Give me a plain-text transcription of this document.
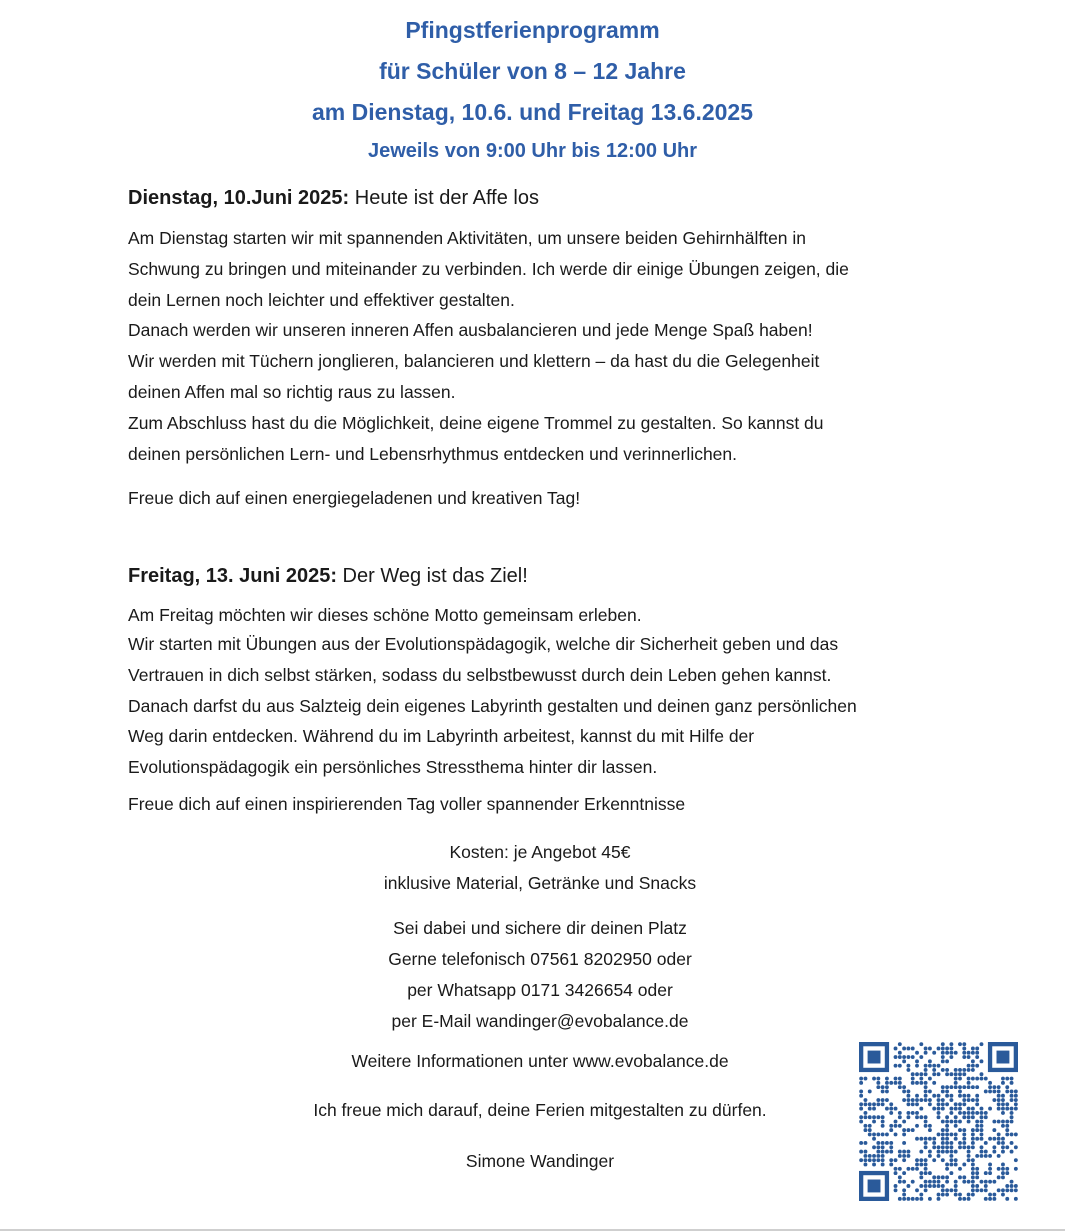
Pfingstferienprogramm
für Schüler von 8 – 12 Jahre
am Dienstag, 10.6. und Freitag 13.6.2025
Jeweils von 9:00 Uhr bis 12:00 Uhr
Dienstag, 10.Juni 2025: Heute ist der Affe los

Am Dienstag starten wir mit spannenden Aktivitäten, um unsere beiden Gehirnhälften in

Schwung zu bringen und miteinander zu verbinden. Ich werde dir einige Übungen zeigen, die

dein Lernen noch leichter und effektiver gestalten.

Danach werden wir unseren inneren Affen ausbalancieren und jede Menge Spaß haben!

Wir werden mit Tüchern jonglieren, balancieren und klettern – da hast du die Gelegenheit

deinen Affen mal so richtig raus zu lassen.

Zum Abschluss hast du die Möglichkeit, deine eigene Trommel zu gestalten. So kannst du

deinen persönlichen Lern- und Lebensrhythmus entdecken und verinnerlichen.

Freue dich auf einen energiegeladenen und kreativen Tag!
Freitag, 13. Juni 2025: Der Weg ist das Ziel!

Am Freitag möchten wir dieses schöne Motto gemeinsam erleben.

Wir starten mit Übungen aus der Evolutionspädagogik, welche dir Sicherheit geben und das

Vertrauen in dich selbst stärken, sodass du selbstbewusst durch dein Leben gehen kannst.

Danach darfst du aus Salzteig dein eigenes Labyrinth gestalten und deinen ganz persönlichen

Weg darin entdecken. Während du im Labyrinth arbeitest, kannst du mit Hilfe der

Evolutionspädagogik ein persönliches Stressthema hinter dir lassen.

Freue dich auf einen inspirierenden Tag voller spannender Erkenntnisse

Kosten: je Angebot 45€

inklusive Material, Getränke und Snacks

Sei dabei und sichere dir deinen Platz

Gerne telefonisch 07561 8202950 oder

per Whatsapp 0171 3426654 oder

per E-Mail wandinger@evobalance.de

Weitere Informationen unter www.evobalance.de
Ich freue mich darauf, deine Ferien mitgestalten zu dürfen.
Simone Wandinger
